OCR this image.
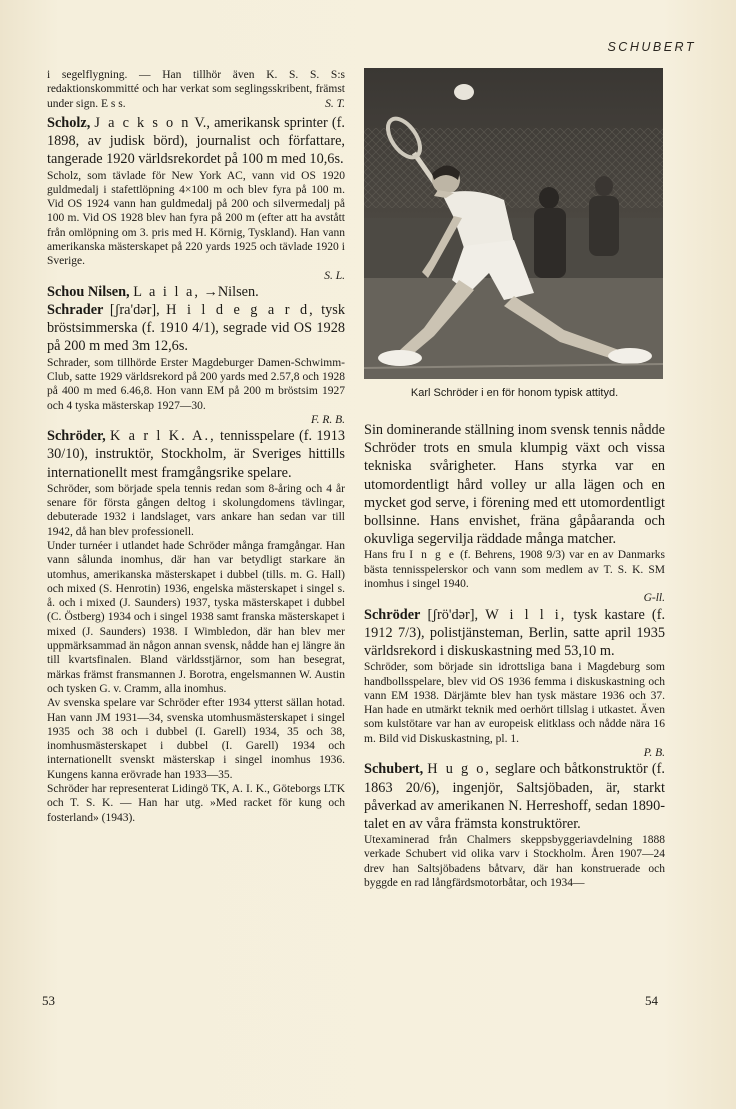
SCHUBERT

i segelflygning. — Han tillhör även K. S. S. S:s redaktionskommitté och har verkat som seglingsskribent, främst under sign. E s s.	S. T.

Scholz, J a c k s o n V., amerikansk sprinter (f. 1898, av judisk börd), journalist och författare, tangerade 1920 världsrekordet på 100 m med 10,6s.

Scholz, som tävlade för New York AC, vann vid OS 1920 guldmedalj i stafettlöpning 4×100 m och blev fyra på 100 m. Vid OS 1924 vann han guldmedalj på 200 och silvermedalj på 100 m. Vid OS 1928 blev han fyra på 200 m (efter att ha avstått från omlöpning om 3. pris med H. Körnig, Tyskland). Han vann amerikanska mästerskapet på 220 yards 1925 och tävlade 1920 i Sverige.
S. L.

Schou Nilsen, L a i l a, →Nilsen.

Schrader [ʃra'dər], H i l d e g a r d, tysk bröstsimmerska (f. 1910 4/1), segrade vid OS 1928 på 200 m med 3m 12,6s.

Schrader, som tillhörde Erster Magdeburger Damen-Schwimm-Club, satte 1929 världsrekord på 200 yards med 2.57,8 och 1928 på 400 m med 6.46,8. Hon vann EM på 200 m bröstsim 1927 och 4 tyska mästerskap 1927—30.
F. R. B.

Schröder, K a r l K. A., tennisspelare (f. 1913 30/10), instruktör, Stockholm, är Sveriges hittills internationellt mest framgångsrike spelare.

Schröder, som började spela tennis redan som 8-åring och 4 år senare för första gången deltog i skolungdomens tävlingar, debuterade 1932 i landslaget, vars ankare han sedan var till 1942, då han blev professionell.

Under turnéer i utlandet hade Schröder många framgångar. Han vann sålunda inomhus, där han var betydligt starkare än utomhus, amerikanska mästerskapet i dubbel (tills. m. G. Hall) och mixed (S. Henrotin) 1936, engelska mästerskapet i singel s. å. och i mixed (J. Saunders) 1937, tyska mästerskapet i dubbel (C. Östberg) 1934 och i singel 1938 samt franska mästerskapet i mixed (J. Saunders) 1938. I Wimbledon, där han blev mer uppmärksammad än någon annan svensk, nådde han ej längre än till kvartsfinalen. Bland världsstjärnor, som han besegrat, märkas främst fransmannen J. Borotra, engelsmannen W. Austin och tysken G. v. Cramm, alla inomhus.

Av svenska spelare var Schröder efter 1934 ytterst sällan hotad. Han vann JM 1931—34, svenska utomhusmästerskapet i singel 1935 och 38 och i dubbel (I. Garell) 1934, 35 och 38, inomhusmästerskapet i dubbel (I. Garell) 1934 och internationellt svenskt mästerskap i singel inomhus 1936. Kungens kanna erövrade han 1933—35.

Schröder har representerat Lidingö TK, A. I. K., Göteborgs LTK och T. S. K. — Han har utg. »Med racket för kung och fosterland» (1943).

Karl Schröder i en för honom typisk attityd.

Sin dominerande ställning inom svensk tennis nådde Schröder trots en smula klumpig växt och vissa tekniska svårigheter. Hans styrka var en utomordentligt hård volley ur alla lägen och en mycket god serve, i förening med ett utomordentligt bollsinne. Hans envishet, fräna gåpåaranda och okuvliga segervilja räddade många matcher.

Hans fru I n g e (f. Behrens, 1908 9/3) var en av Danmarks bästa tennisspelerskor och vann som medlem av T. S. K. SM inomhus i singel 1940.
G-ll.

Schröder [ʃrö'dər], W i l l i, tysk kastare (f. 1912 7/3), polistjänsteman, Berlin, satte april 1935 världsrekord i diskuskastning med 53,10 m.

Schröder, som började sin idrottsliga bana i Magdeburg som handbollsspelare, blev vid OS 1936 femma i diskuskastning och vann EM 1938. Därjämte blev han tysk mästare 1936 och 37. Han hade en utmärkt teknik med oerhört tillslag i utkastet. Även som kulstötare var han av europeisk elitklass och nådde nära 16 m. Bild vid Diskuskastning, pl. 1.
P. B.

Schubert, H u g o, seglare och båtkonstruktör (f. 1863 20/6), ingenjör, Saltsjöbaden, är, starkt påverkad av amerikanen N. Herreshoff, sedan 1890-talet en av våra främsta konstruktörer.

Utexaminerad från Chalmers skeppsbyggeriavdelning 1888 verkade Schubert vid olika varv i Stockholm. Åren 1907—24 drev han Saltsjöbadens båtvarv, där han konstruerade och byggde en rad långfärdsmotorbåtar, och 1934—

53	54
